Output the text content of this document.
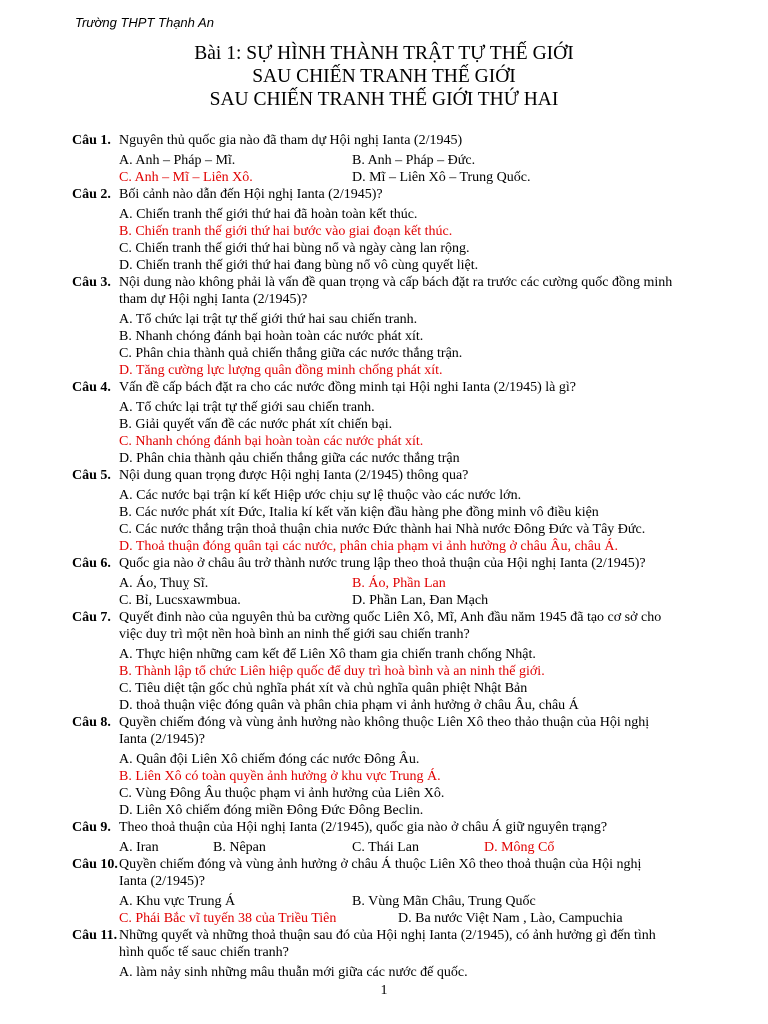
Trường THPT Thạnh An
Bài 1: SỰ HÌNH THÀNH TRẬT TỰ THẾ GIỚI
SAU CHIẾN TRANH THẾ GIỚI
SAU CHIẾN TRANH THẾ GIỚI THỨ HAI
Câu 1. Nguyên thủ quốc gia nào đã tham dự Hội nghị Ianta (2/1945)
A. Anh – Pháp – Mĩ.	B. Anh – Pháp – Đức.
C. Anh – Mĩ – Liên Xô.	D. Mĩ – Liên Xô – Trung Quốc.
Câu 2. Bối cảnh nào dẫn đến Hội nghị Ianta (2/1945)?
A. Chiến tranh thế giới thứ hai đã hoàn toàn kết thúc.
B. Chiến tranh thế giới thứ hai bước vào giai đoạn kết thúc.
C. Chiến tranh thế giới thứ hai bùng nổ và ngày càng lan rộng.
D. Chiến tranh thế giới thứ hai đang bùng nổ vô cùng quyết liệt.
Câu 3. Nội dung nào không phải là vấn đề quan trọng và cấp bách đặt ra trước các cường quốc đồng minh
tham dự Hội nghị Ianta (2/1945)?
A. Tổ chức lại trật tự thế giới thứ hai sau chiến tranh.
B. Nhanh chóng đánh bại hoàn toàn các nước phát xít.
C. Phân chia thành quả chiến thắng giữa các nước thắng trận.
D. Tăng cường lực lượng quân đồng minh chống phát xít.
Câu 4. Vấn đề cấp bách đặt ra cho các nước đồng minh tại Hội nghi Ianta (2/1945) là gì?
A. Tổ chức lại trật tự thế giới sau chiến tranh.
B. Giải quyết vấn đề các nước phát xít chiến bại.
C. Nhanh chóng đánh bại hoàn toàn các nước phát xít.
D. Phân chia thành qảu chiến thắng giữa các nước thắng trận
Câu 5. Nội dung quan trọng được Hội nghị Ianta (2/1945) thông qua?
A. Các nước bại trận kí kết Hiệp ước chịu sự lệ thuộc vào các nước lớn.
B. Các nước phát xít Đức, Italia kí kết văn kiện đầu hàng phe đồng minh vô điều kiện
C. Các nước thắng trận thoả thuận chia nước Đức thành hai Nhà nước Đông Đức và Tây Đức.
D. Thoả thuận đóng quân tại các nước, phân chia phạm vi ảnh hưởng ở châu Âu, châu Á.
Câu 6. Quốc gia nào ở châu âu trở thành nước trung lập theo thoả thuận của Hội nghị Ianta (2/1945)?
A. Áo, Thuỵ Sĩ.	B. Áo, Phần Lan
C. Bỉ, Lucsxawmbua.	D. Phần Lan, Đan Mạch
Câu 7. Quyết đinh nào của nguyên thủ ba cường quốc Liên Xô, Mĩ, Anh đầu năm 1945 đã tạo cơ sở cho
việc duy trì một nền hoà bình an ninh thế giới sau chiến tranh?
A. Thực hiện những cam kết để Liên Xô tham gia chiến tranh chống Nhật.
B. Thành lập tổ chức Liên hiệp quốc để duy trì hoà bình và an ninh thế giới.
C. Tiêu diệt tận gốc chủ nghĩa phát xít và chủ nghĩa quân phiệt Nhật Bản
D. thoả thuận việc đóng quân và phân chia phạm vi ảnh hưởng ở châu Âu, châu Á
Câu 8. Quyền chiếm đóng và vùng ảnh hưởng nào không thuộc Liên Xô theo thảo thuận của Hội nghị
Ianta (2/1945)?
A. Quân đội Liên Xô chiếm đóng các nước Đông Âu.
B. Liên Xô có toàn quyền ảnh hưởng ở khu vực Trung Á.
C. Vùng Đông Âu thuộc phạm vi ảnh hưởng của Liên Xô.
D. Liên Xô chiếm đóng miền Đông Đức Đông Beclin.
Câu 9. Theo thoả thuận của Hội nghị Ianta (2/1945), quốc gia nào ở châu Á giữ nguyên trạng?
A. Iran	B. Nêpan	C. Thái Lan	D. Mông Cổ
Câu 10. Quyền chiếm đóng và vùng ảnh hưởng ở châu Á thuộc Liên Xô theo thoả thuận của Hội nghị
Ianta (2/1945)?
A. Khu vực Trung Á	B. Vùng Mãn Châu, Trung Quốc
C. Phái Bắc vĩ tuyến 38 của Triều Tiên	D. Ba nước Việt Nam , Lào, Campuchia
Câu 11. Những quyết và những thoả thuận sau đó của Hội nghị Ianta (2/1945), có ảnh hưởng gì đến tình
hình quốc tế sauc chiến tranh?
A. làm nảy sinh những mâu thuẫn mới giữa các nước đế quốc.
1
